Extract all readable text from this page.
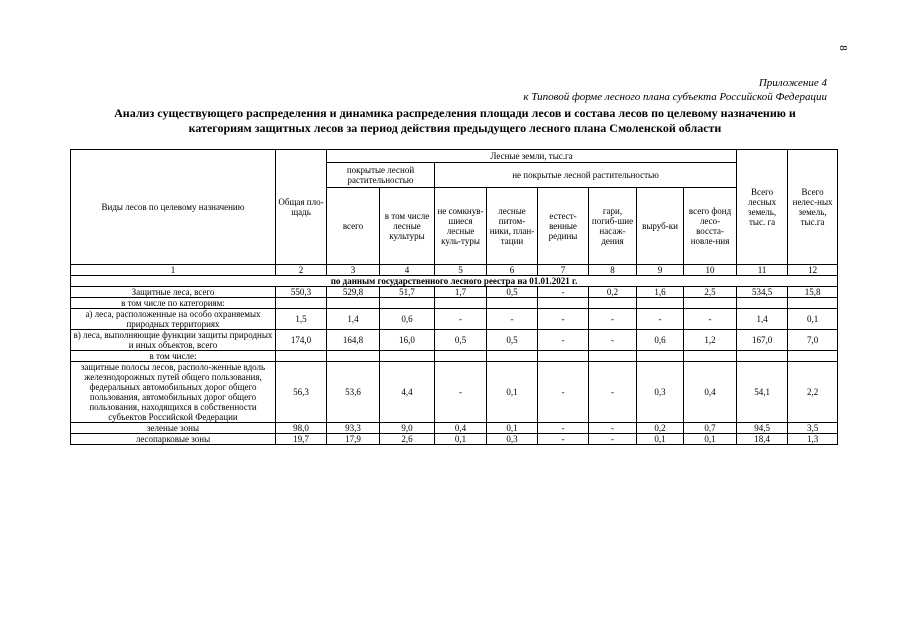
8
Приложение 4
к Типовой форме лесного плана субъекта Российской Федерации
Анализ существующего распределения и динамика распределения площади лесов и состава лесов по целевому назначению и
категориям защитных лесов за период действия предыдущего лесного плана Смоленской области
Виды лесов по целевому назначению	Общая пло-щадь	Лесные земли, тыс.га								Всего лесных земель, тыс. га	Всего нелес-ных земель, тыс.га
		покрытые лесной растительностью		не покрытые лесной растительностью							
		всего	в том числе лесные культуры	не сомкнув-шиеся лесные куль-туры	лесные питом-ники, план-тации	естест-венные редины	гари, погиб-шие насаж-дения	выруб-ки	всего фонд лесо-восста-новле-ния		
1	2	3	4	5	6	7	8	9	10	11	12
по данным государственного лесного реестра на 01.01.2021 г.											
Защитные леса, всего	550,3	529,8	51,7	1,7	0,5	-	0,2	1,6	2,5	534,5	15,8
в том числе по категориям:											
а) леса, расположенные на особо охраняемых природных территориях	1,5	1,4	0,6	-	-	-	-	-	-	1,4	0,1
в) леса, выполняющие функции защиты природных и иных объектов, всего	174,0	164,8	16,0	0,5	0,5	-	-	0,6	1,2	167,0	7,0
в том числе:											
защитные полосы лесов, располо-женные вдоль железнодорожных путей общего пользования, федеральных автомобильных дорог общего пользования, автомобильных дорог общего пользования, находящихся в собственности субъектов Российской Федерации	56,3	53,6	4,4	-	0,1	-	-	0,3	0,4	54,1	2,2
зеленые зоны	98,0	93,3	9,0	0,4	0,1	-	-	0,2	0,7	94,5	3,5
лесопарковые зоны	19,7	17,9	2,6	0,1	0,3	-	-	0,1	0,1	18,4	1,3
